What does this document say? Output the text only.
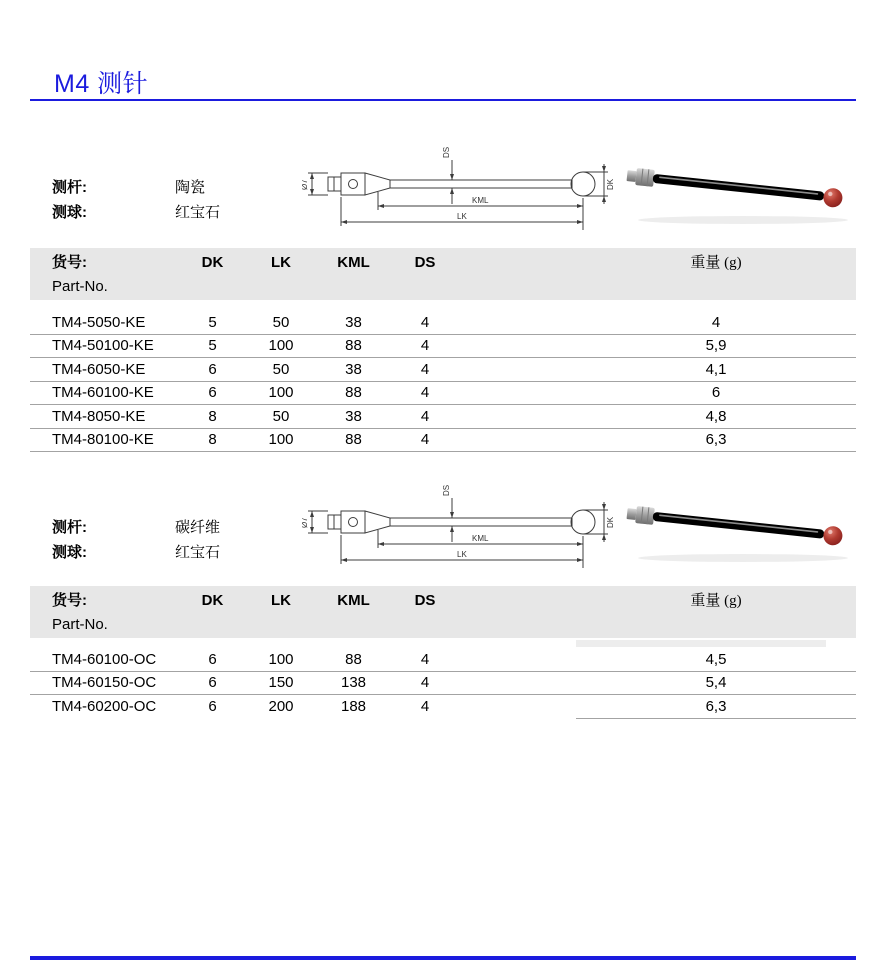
M4 测针
测杆:	陶瓷
测球:	红宝石
货号:
Part-No.
DK	LK	KML	DS	重量 (g)
TM4-5050-KE	5	50	38	4	4
TM4-50100-KE	5	100	88	4	5,9
TM4-6050-KE	6	50	38	4	4,1
TM4-60100-KE	6	100	88	4	6
TM4-8050-KE	8	50	38	4	4,8
TM4-80100-KE	8	100	88	4	6,3
测杆:	碳纤维
测球:	红宝石
货号:
Part-No.
DK	LK	KML	DS	重量 (g)
TM4-60100-OC	6	100	88	4	4,5
TM4-60150-OC	6	150	138	4	5,4
TM4-60200-OC	6	200	188	4	6,3
